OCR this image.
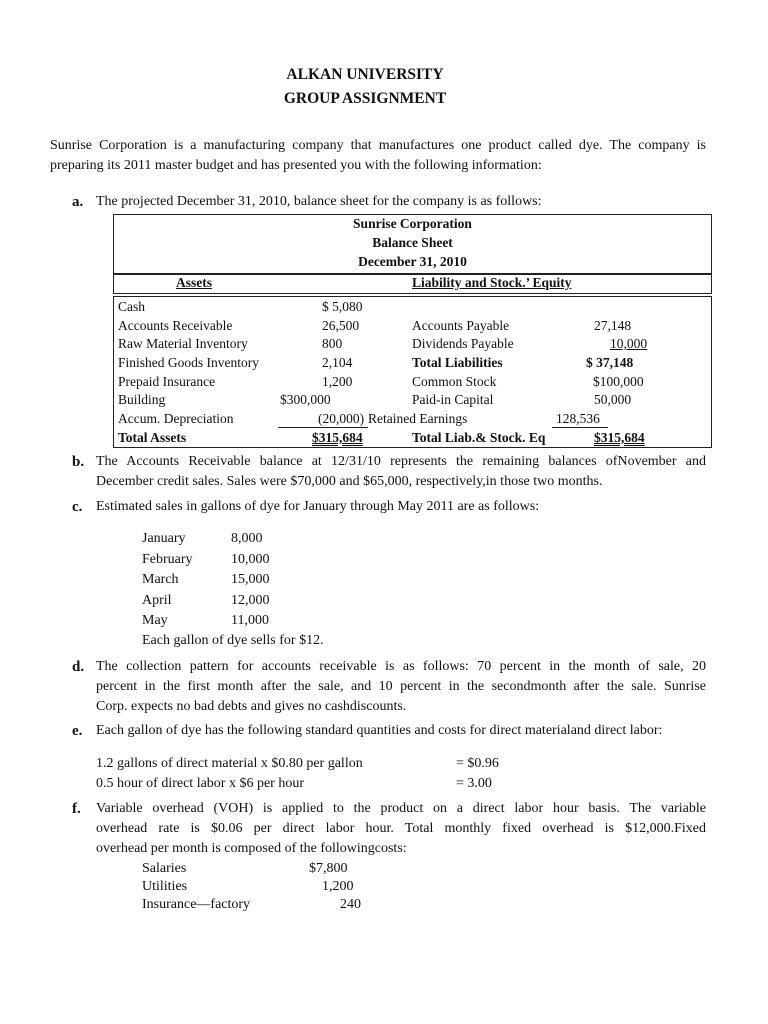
ALKAN UNIVERSITY
GROUP ASSIGNMENT
Sunrise Corporation is a manufacturing company that manufactures one product called dye. The company is
preparing its 2011 master budget and has presented you with the following information:
a. The projected December 31, 2010, balance sheet for the company is as follows:
Sunrise Corporation
Balance Sheet
December 31, 2010
Assets	Liability and Stock.’ Equity
Cash	$ 5,080
Accounts Receivable	26,500
Raw Material Inventory	800
Finished Goods Inventory	2,104
Prepaid Insurance	1,200
Building	$300,000
Accum. Depreciation	(20,000)
Total Assets	$315,684
Accounts Payable	27,148
Dividends Payable	10,000
Total Liabilities	$ 37,148
Common Stock	$100,000
Paid-in Capital	50,000
Retained Earnings	128,536
Total Liab.& Stock. Eq	$315,684
b. The Accounts Receivable balance at 12/31/10 represents the remaining balances ofNovember and
December credit sales. Sales were $70,000 and $65,000, respectively,in those two months.
c. Estimated sales in gallons of dye for January through May 2011 are as follows:
January	8,000
February	10,000
March	15,000
April	12,000
May	11,000
Each gallon of dye sells for $12.
d. The collection pattern for accounts receivable is as follows: 70 percent in the month of sale, 20
percent in the first month after the sale, and 10 percent in the secondmonth after the sale. Sunrise
Corp. expects no bad debts and gives no cashdiscounts.
e. Each gallon of dye has the following standard quantities and costs for direct materialand direct labor:
1.2 gallons of direct material x $0.80 per gallon	= $0.96
0.5 hour of direct labor x $6 per hour	= 3.00
f. Variable overhead (VOH) is applied to the product on a direct labor hour basis. The variable
overhead rate is $0.06 per direct labor hour. Total monthly fixed overhead is $12,000.Fixed
overhead per month is composed of the followingcosts:
Salaries	$7,800
Utilities	1,200
Insurance—factory	240
